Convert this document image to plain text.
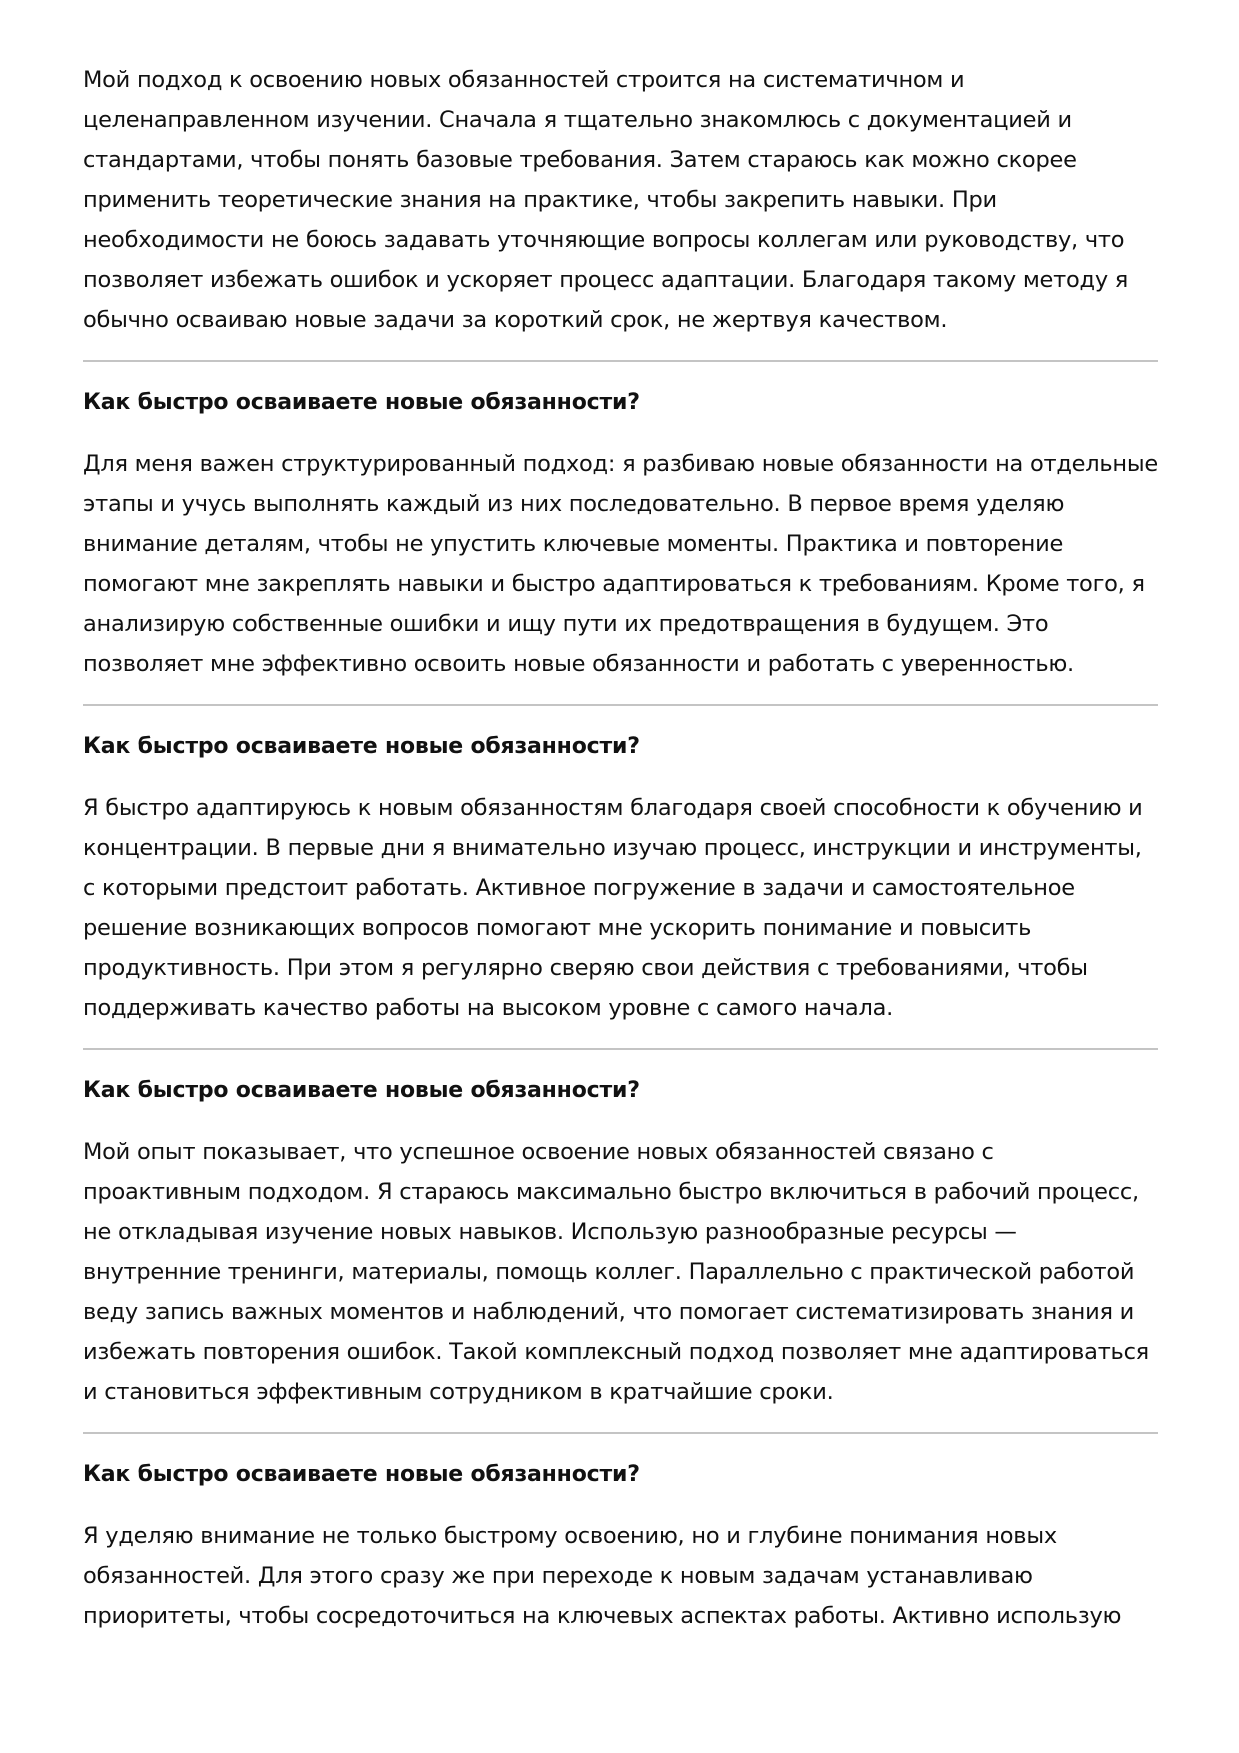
Мой подход к освоению новых обязанностей строится на систематичном и целенаправленном изучении. Сначала я тщательно знакомлюсь с документацией и стандартами, чтобы понять базовые требования. Затем стараюсь как можно скорее применить теоретические знания на практике, чтобы закрепить навыки. При необходимости не боюсь задавать уточняющие вопросы коллегам или руководству, что позволяет избежать ошибок и ускоряет процесс адаптации. Благодаря такому методу я обычно осваиваю новые задачи за короткий срок, не жертвуя качеством.

Как быстро осваиваете новые обязанности?

Для меня важен структурированный подход: я разбиваю новые обязанности на отдельные этапы и учусь выполнять каждый из них последовательно. В первое время уделяю внимание деталям, чтобы не упустить ключевые моменты. Практика и повторение помогают мне закреплять навыки и быстро адаптироваться к требованиям. Кроме того, я анализирую собственные ошибки и ищу пути их предотвращения в будущем. Это позволяет мне эффективно освоить новые обязанности и работать с уверенностью.

Как быстро осваиваете новые обязанности?

Я быстро адаптируюсь к новым обязанностям благодаря своей способности к обучению и концентрации. В первые дни я внимательно изучаю процесс, инструкции и инструменты, с которыми предстоит работать. Активное погружение в задачи и самостоятельное решение возникающих вопросов помогают мне ускорить понимание и повысить продуктивность. При этом я регулярно сверяю свои действия с требованиями, чтобы поддерживать качество работы на высоком уровне с самого начала.

Как быстро осваиваете новые обязанности?

Мой опыт показывает, что успешное освоение новых обязанностей связано с проактивным подходом. Я стараюсь максимально быстро включиться в рабочий процесс, не откладывая изучение новых навыков. Использую разнообразные ресурсы — внутренние тренинги, материалы, помощь коллег. Параллельно с практической работой веду запись важных моментов и наблюдений, что помогает систематизировать знания и избежать повторения ошибок. Такой комплексный подход позволяет мне адаптироваться и становиться эффективным сотрудником в кратчайшие сроки.

Как быстро осваиваете новые обязанности?

Я уделяю внимание не только быстрому освоению, но и глубине понимания новых обязанностей. Для этого сразу же при переходе к новым задачам устанавливаю приоритеты, чтобы сосредоточиться на ключевых аспектах работы. Активно использую
